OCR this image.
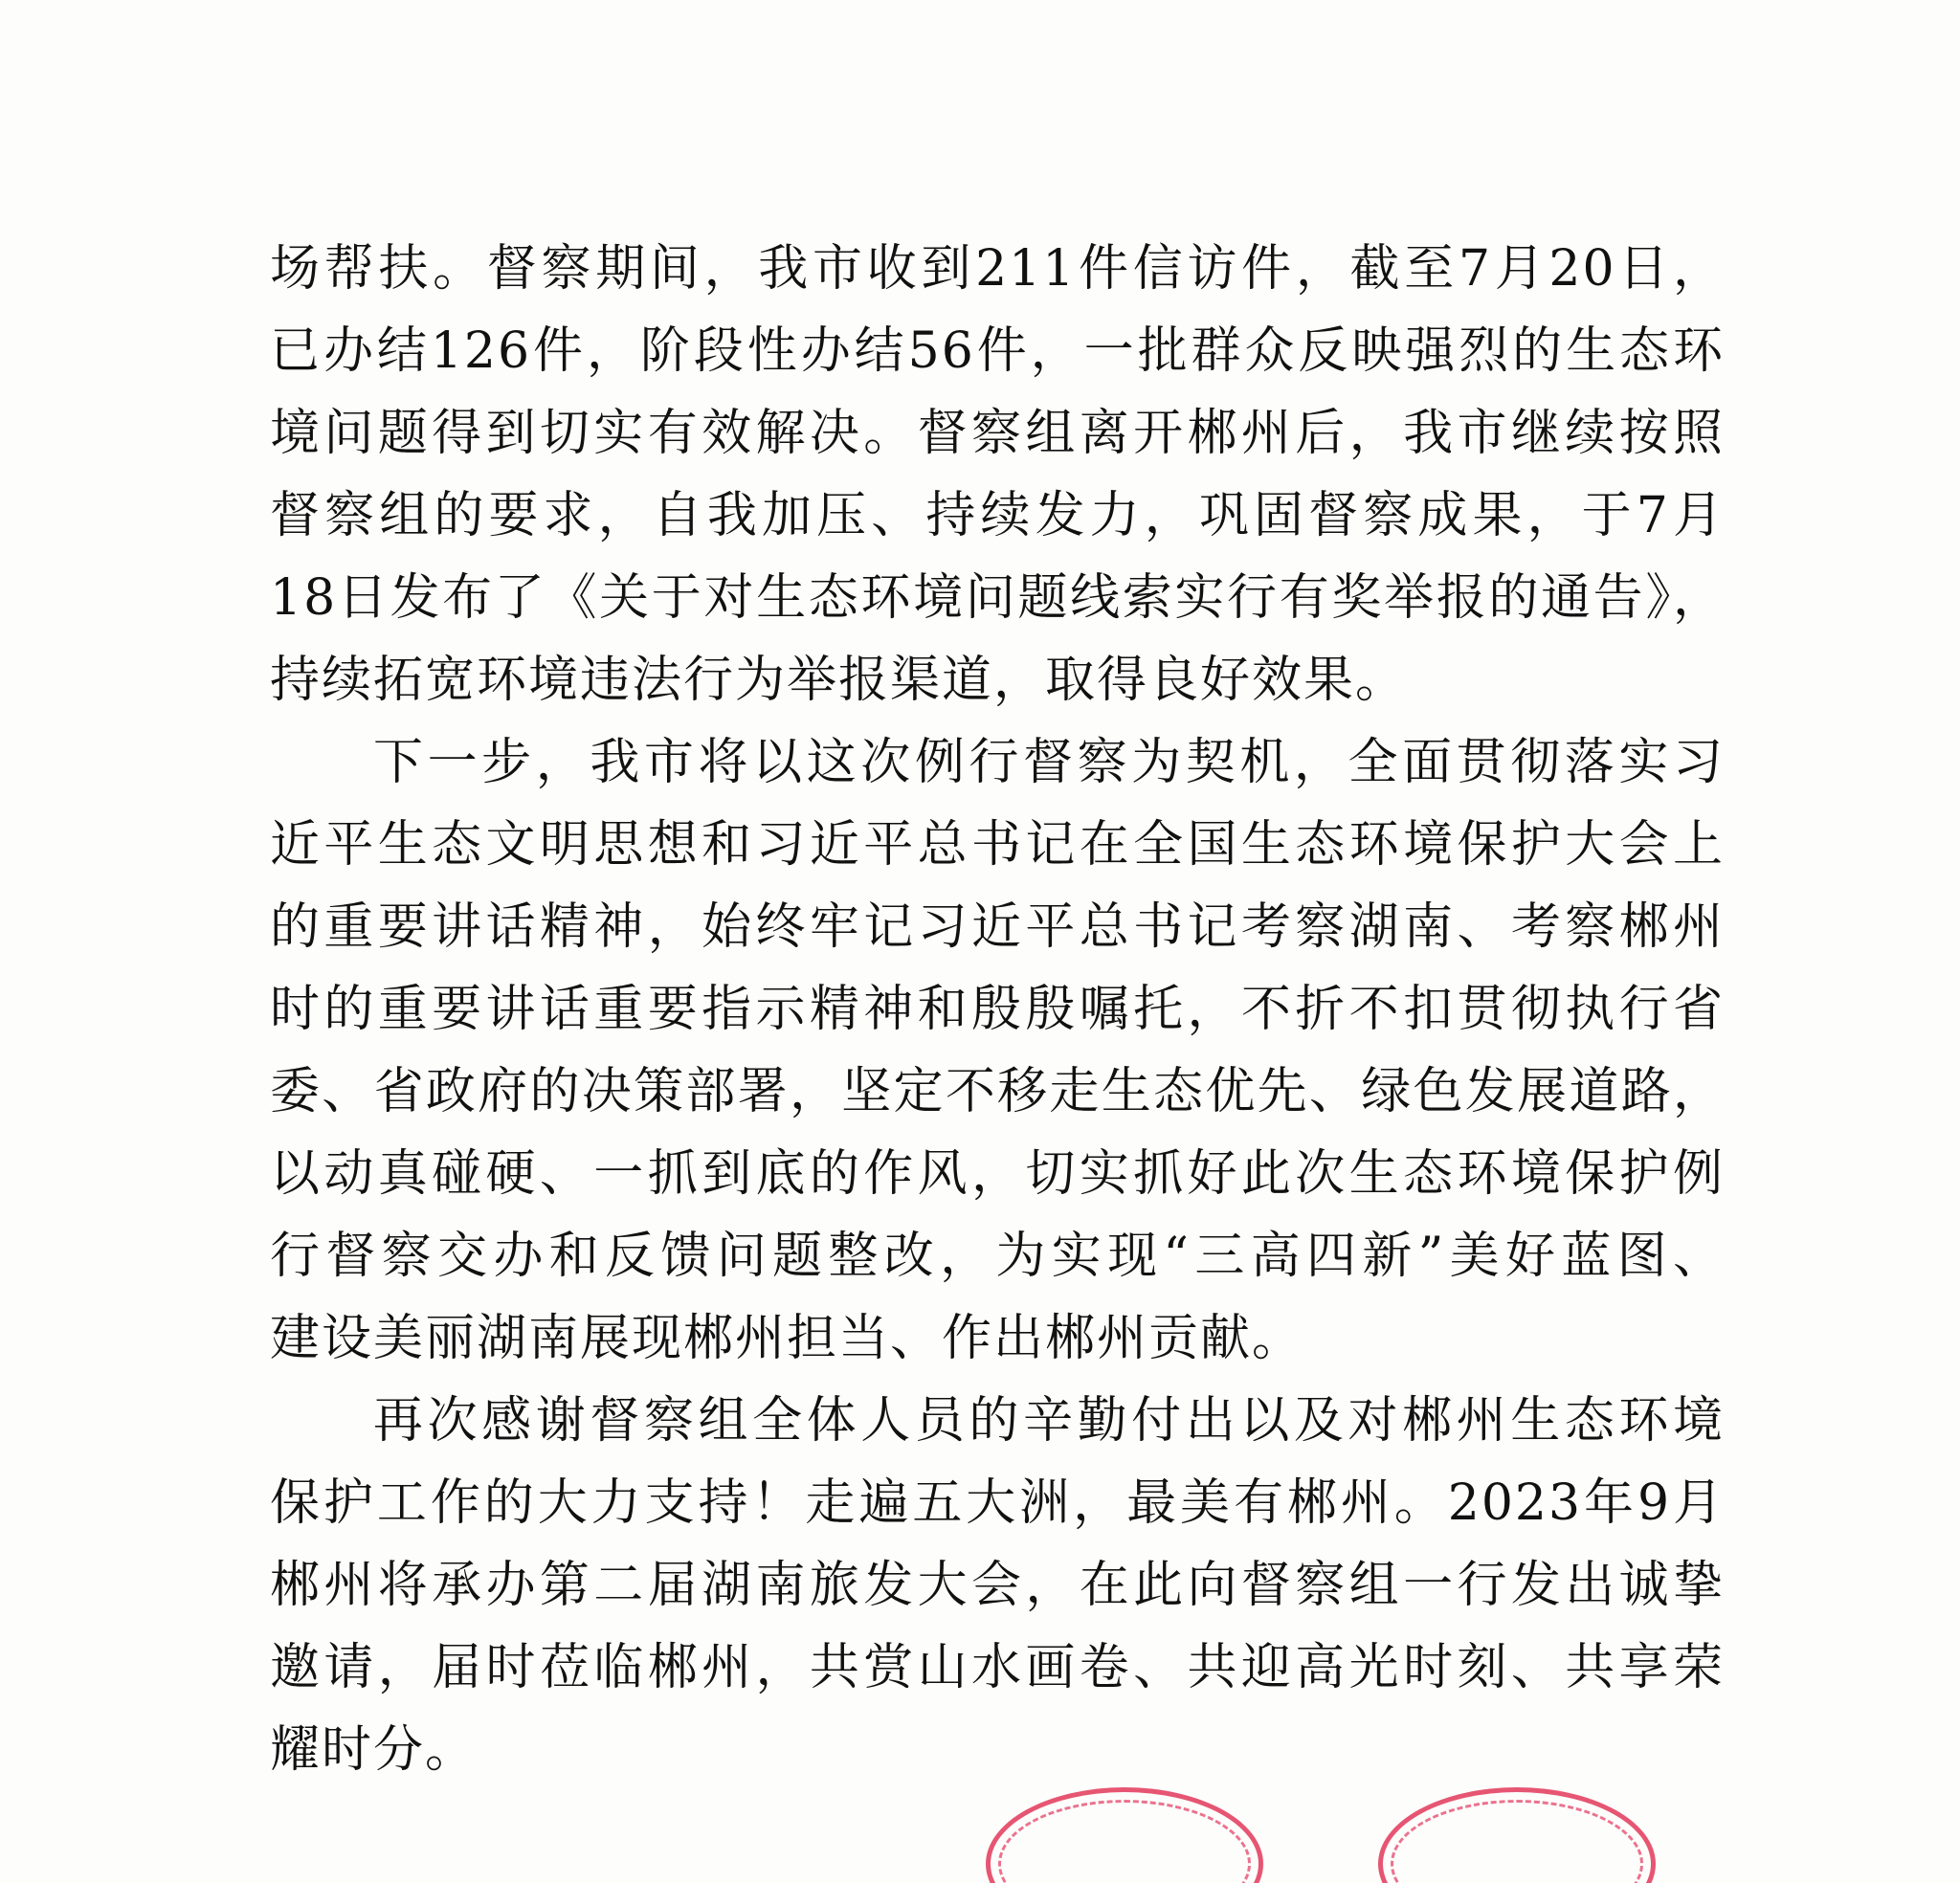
场帮扶。督察期间，我市收到211件信访件，截至7月20日，
已办结126件，阶段性办结56件，一批群众反映强烈的生态环
境问题得到切实有效解决。督察组离开郴州后，我市继续按照
督察组的要求，自我加压、持续发力，巩固督察成果，于7月
18日发布了《关于对生态环境问题线索实行有奖举报的通告》，
持续拓宽环境违法行为举报渠道，取得良好效果。
下一步，我市将以这次例行督察为契机，全面贯彻落实习
近平生态文明思想和习近平总书记在全国生态环境保护大会上
的重要讲话精神，始终牢记习近平总书记考察湖南、考察郴州
时的重要讲话重要指示精神和殷殷嘱托，不折不扣贯彻执行省
委、省政府的决策部署，坚定不移走生态优先、绿色发展道路，
以动真碰硬、一抓到底的作风，切实抓好此次生态环境保护例
行督察交办和反馈问题整改，为实现“三高四新”美好蓝图、
建设美丽湖南展现郴州担当、作出郴州贡献。
再次感谢督察组全体人员的辛勤付出以及对郴州生态环境
保护工作的大力支持！走遍五大洲，最美有郴州。2023年9月
郴州将承办第二届湖南旅发大会，在此向督察组一行发出诚挚
邀请，届时莅临郴州，共赏山水画卷、共迎高光时刻、共享荣
耀时分。
